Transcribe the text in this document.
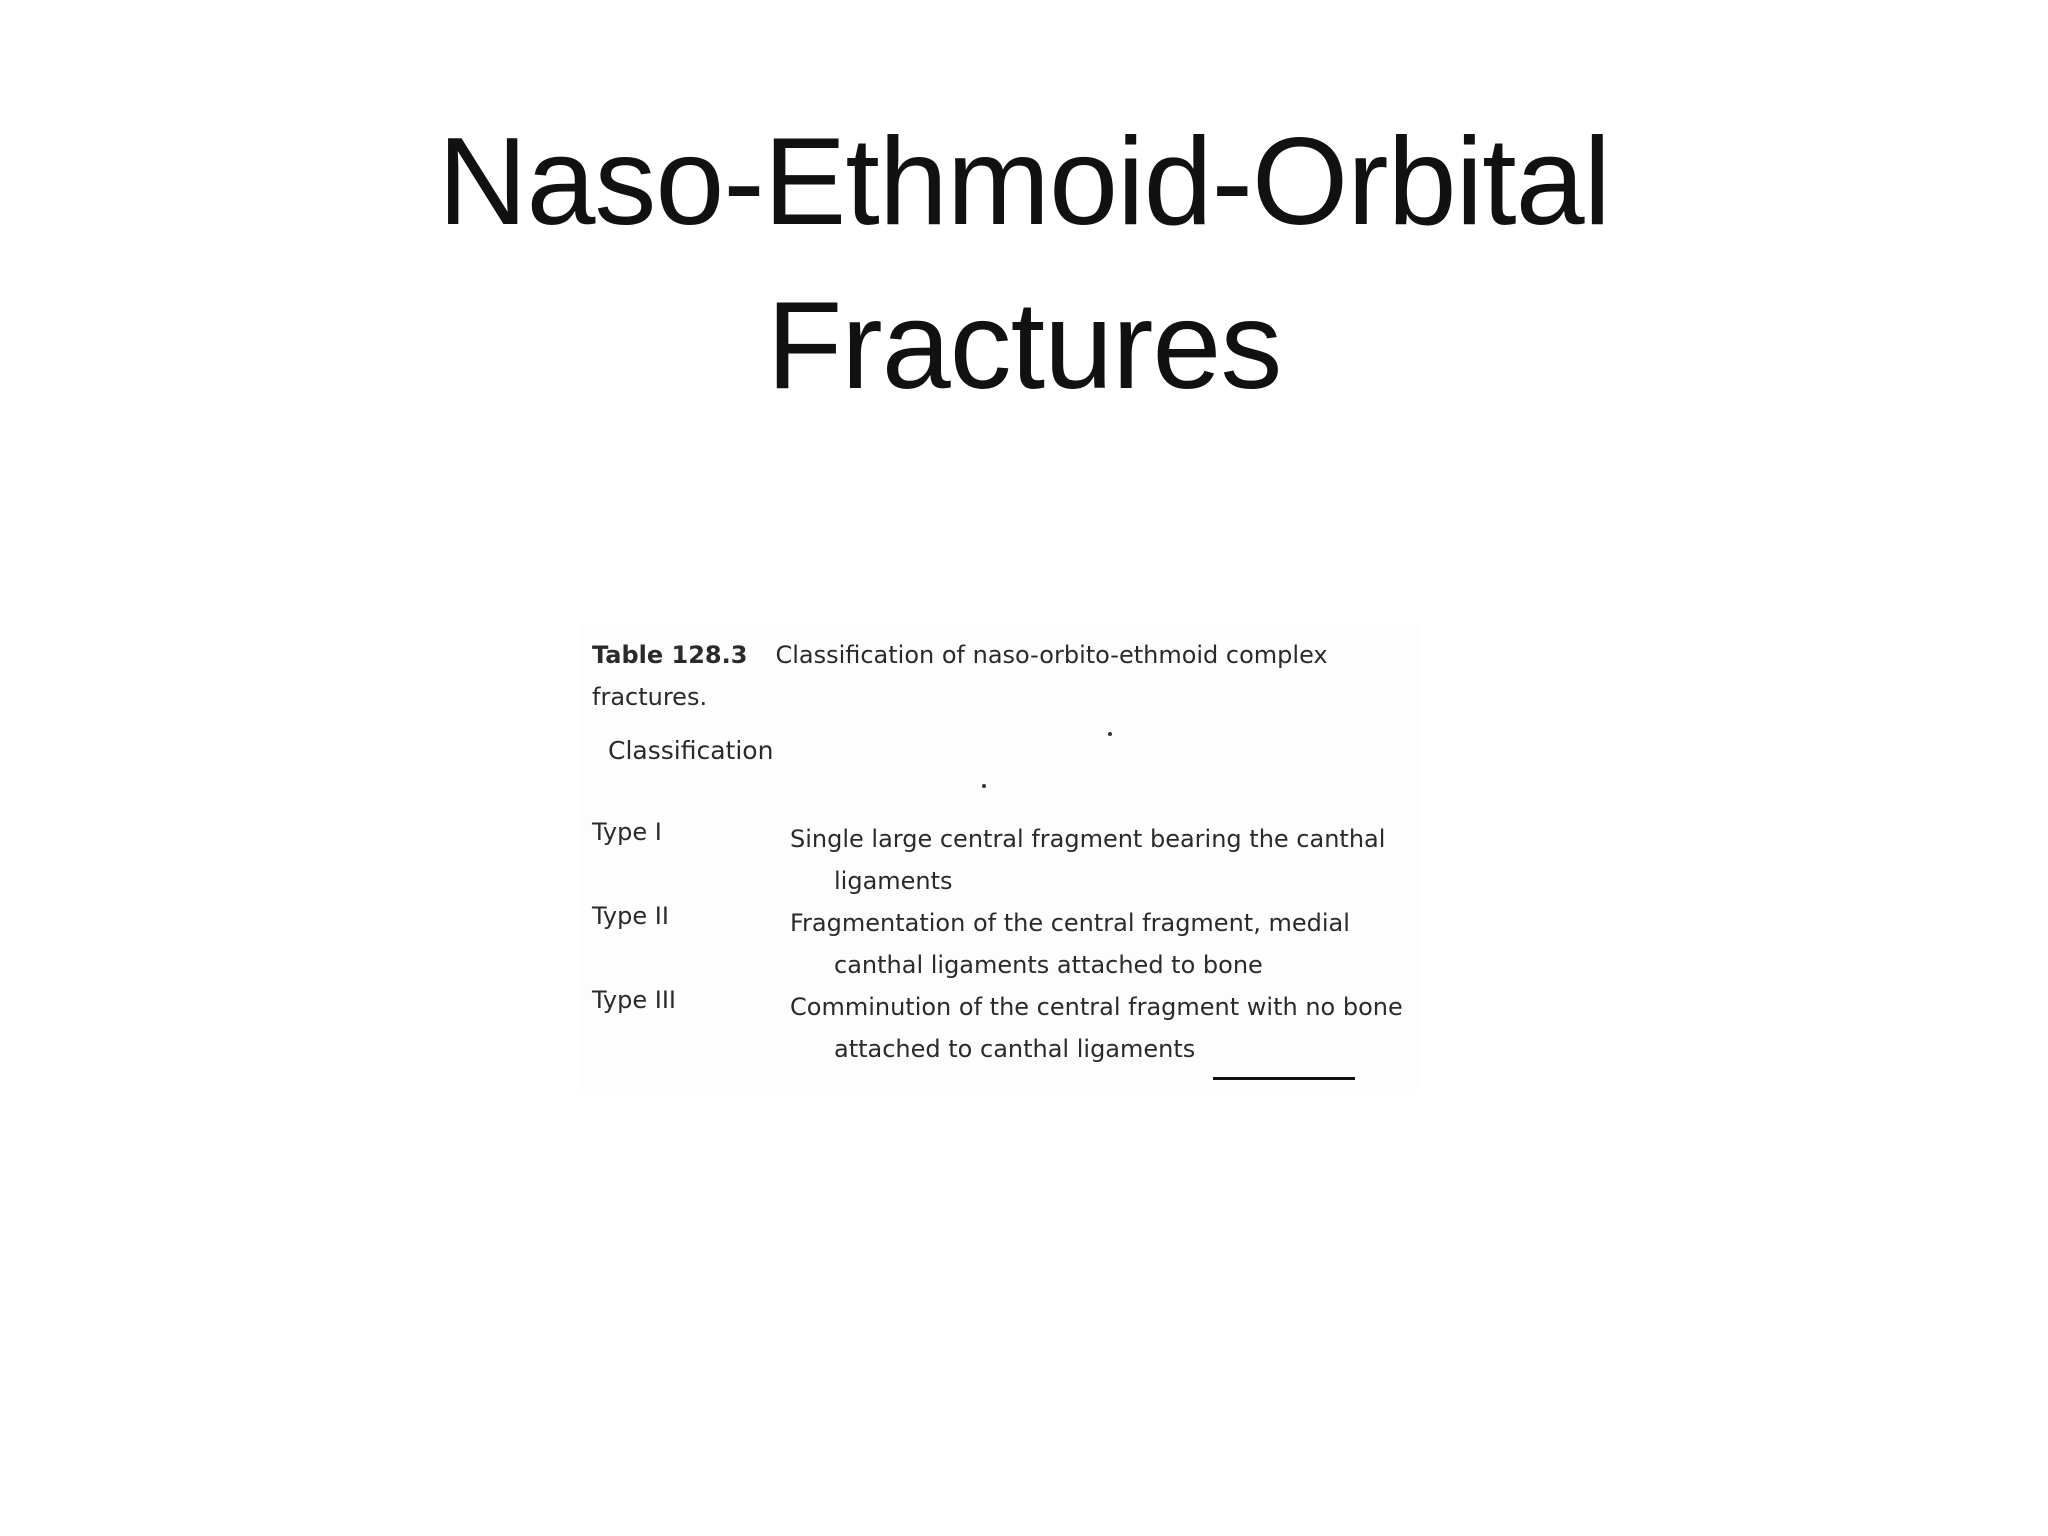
Naso-Ethmoid-Orbital
Fractures
Table 128.3 Classification of naso-orbito-ethmoid complex
fractures.
Classification
Type I	Single large central fragment bearing the canthal
ligaments
Type II	Fragmentation of the central fragment, medial
canthal ligaments attached to bone
Type III	Comminution of the central fragment with no bone
attached to canthal ligaments
